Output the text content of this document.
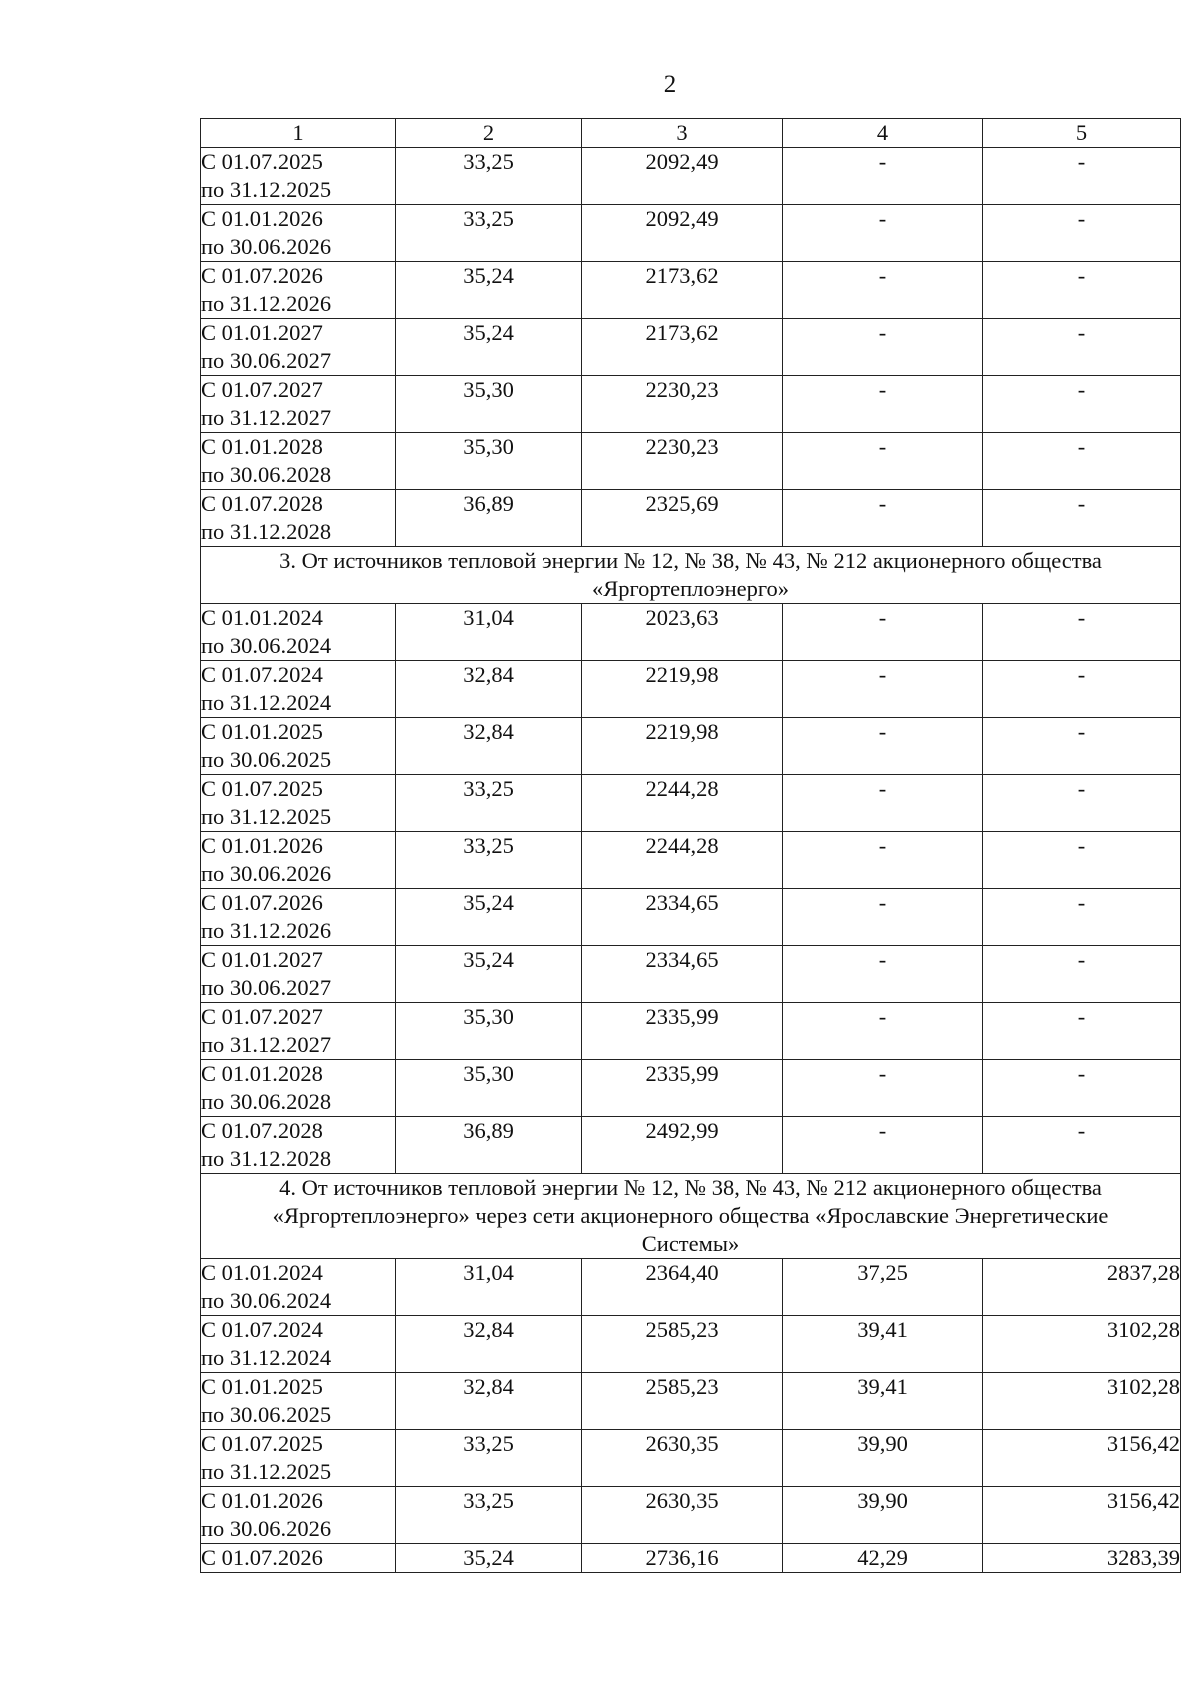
2
1	2	3	4	5

С 01.07.2025
по 31.12.2025	33,25	2092,49	-	-

С 01.01.2026
по 30.06.2026	33,25	2092,49	-	-

С 01.07.2026
по 31.12.2026	35,24	2173,62	-	-

С 01.01.2027
по 30.06.2027	35,24	2173,62	-	-

С 01.07.2027
по 31.12.2027	35,30	2230,23	-	-

С 01.01.2028
по 30.06.2028	35,30	2230,23	-	-

С 01.07.2028
по 31.12.2028	36,89	2325,69	-	-

3. От источников тепловой энергии № 12, № 38, № 43, № 212 акционерного общества
«Яргортеплоэнерго»				

С 01.01.2024
по 30.06.2024	31,04	2023,63	-	-

С 01.07.2024
по 31.12.2024	32,84	2219,98	-	-

С 01.01.2025
по 30.06.2025	32,84	2219,98	-	-

С 01.07.2025
по 31.12.2025	33,25	2244,28	-	-

С 01.01.2026
по 30.06.2026	33,25	2244,28	-	-

С 01.07.2026
по 31.12.2026	35,24	2334,65	-	-

С 01.01.2027
по 30.06.2027	35,24	2334,65	-	-

С 01.07.2027
по 31.12.2027	35,30	2335,99	-	-

С 01.01.2028
по 30.06.2028	35,30	2335,99	-	-

С 01.07.2028
по 31.12.2028	36,89	2492,99	-	-

4. От источников тепловой энергии № 12, № 38, № 43, № 212 акционерного общества
«Яргортеплоэнерго» через сети акционерного общества «Ярославские Энергетические
Системы»				

С 01.01.2024
по 30.06.2024	31,04	2364,40	37,25	2837,28

С 01.07.2024
по 31.12.2024	32,84	2585,23	39,41	3102,28

С 01.01.2025
по 30.06.2025	32,84	2585,23	39,41	3102,28

С 01.07.2025
по 31.12.2025	33,25	2630,35	39,90	3156,42

С 01.01.2026
по 30.06.2026	33,25	2630,35	39,90	3156,42

С 01.07.2026	35,24	2736,16	42,29	3283,39
